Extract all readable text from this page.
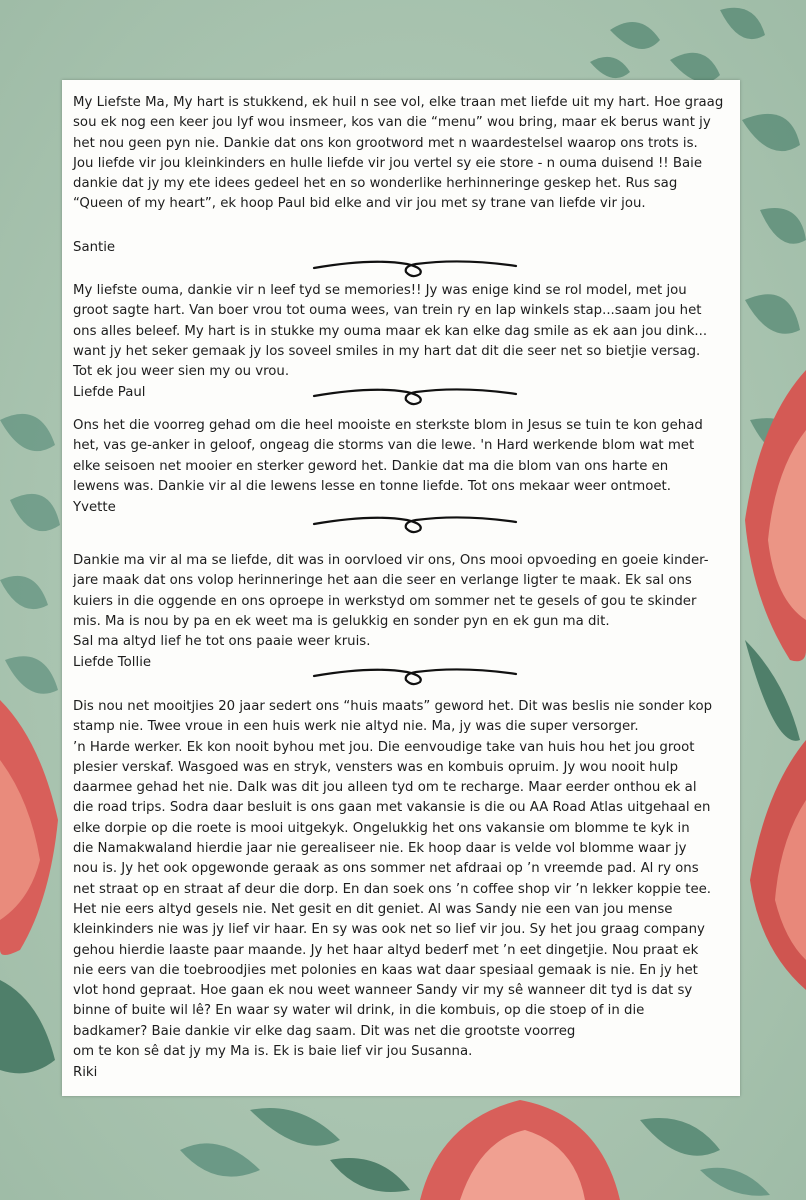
My Liefste Ma, My hart is stukkend, ek huil n see vol, elke traan met liefde uit my hart. Hoe graag
sou ek nog een keer jou lyf wou insmeer, kos van die “menu” wou bring, maar ek berus want jy
het nou geen pyn nie. Dankie dat ons kon grootword met n waardestelsel waarop ons trots is.
Jou liefde vir jou kleinkinders en hulle liefde vir jou vertel sy eie store - n ouma duisend !! Baie
dankie dat jy my ete idees gedeel het en so wonderlike herhinneringe geskep het. Rus sag
“Queen of my heart”, ek hoop Paul bid elke and vir jou met sy trane van liefde vir jou.

Santie

My liefste ouma, dankie vir n leef tyd se memories!! Jy was enige kind se rol model, met jou
groot sagte hart. Van boer vrou tot ouma wees, van trein ry en lap winkels stap...saam jou het
ons alles beleef. My hart is in stukke my ouma maar ek kan elke dag smile as ek aan jou dink...
want jy het seker gemaak jy los soveel smiles in my hart dat dit die seer net so bietjie versag.
Tot ek jou weer sien my ou vrou.

Liefde Paul

Ons het die voorreg gehad om die heel mooiste en sterkste blom in Jesus se tuin te kon gehad
het, vas ge-anker in geloof, ongeag die storms van die lewe. 'n Hard werkende blom wat met
elke seisoen net mooier en sterker geword het. Dankie dat ma die blom van ons harte en
lewens was. Dankie vir al die lewens lesse en tonne liefde. Tot ons mekaar weer ontmoet.

Yvette

Dankie ma vir al ma se liefde, dit was in oorvloed vir ons, Ons mooi opvoeding en goeie kinder-
jare maak dat ons volop herinneringe het aan die seer en verlange ligter te maak. Ek sal ons
kuiers in die oggende en ons oproepe in werkstyd om sommer net te gesels of gou te skinder
mis. Ma is nou by pa en ek weet ma is gelukkig en sonder pyn en ek gun ma dit.
Sal ma altyd lief he tot ons paaie weer kruis.

Liefde Tollie

Dis nou net mooitjies 20 jaar sedert ons “huis maats” geword het. Dit was beslis nie sonder kop
stamp nie. Twee vroue in een huis werk nie altyd nie. Ma, jy was die super versorger.
’n Harde werker. Ek kon nooit byhou met jou. Die eenvoudige take van huis hou het jou groot
plesier verskaf. Wasgoed was en stryk, vensters was en kombuis opruim. Jy wou nooit hulp
daarmee gehad het nie. Dalk was dit jou alleen tyd om te recharge. Maar eerder onthou ek al
die road trips. Sodra daar besluit is ons gaan met vakansie is die ou AA Road Atlas uitgehaal en
elke dorpie op die roete is mooi uitgekyk. Ongelukkig het ons vakansie om blomme te kyk in
die Namakwaland hierdie jaar nie gerealiseer nie. Ek hoop daar is velde vol blomme waar jy
nou is. Jy het ook opgewonde geraak as ons sommer net afdraai op ’n vreemde pad. Al ry ons
net straat op en straat af deur die dorp. En dan soek ons ’n coffee shop vir ’n lekker koppie tee.
Het nie eers altyd gesels nie. Net gesit en dit geniet. Al was Sandy nie een van jou mense
kleinkinders nie was jy lief vir haar. En sy was ook net so lief vir jou. Sy het jou graag company
gehou hierdie laaste paar maande. Jy het haar altyd bederf met ’n eet dingetjie. Nou praat ek
nie eers van die toebroodjies met polonies en kaas wat daar spesiaal gemaak is nie. En jy het
vlot hond gepraat. Hoe gaan ek nou weet wanneer Sandy vir my sê wanneer dit tyd is dat sy
binne of buite wil lê? En waar sy water wil drink, in die kombuis, op die stoep of in die
badkamer? Baie dankie vir elke dag saam. Dit was net die grootste voorreg
om te kon sê dat jy my Ma is. Ek is baie lief vir jou Susanna.

Riki
